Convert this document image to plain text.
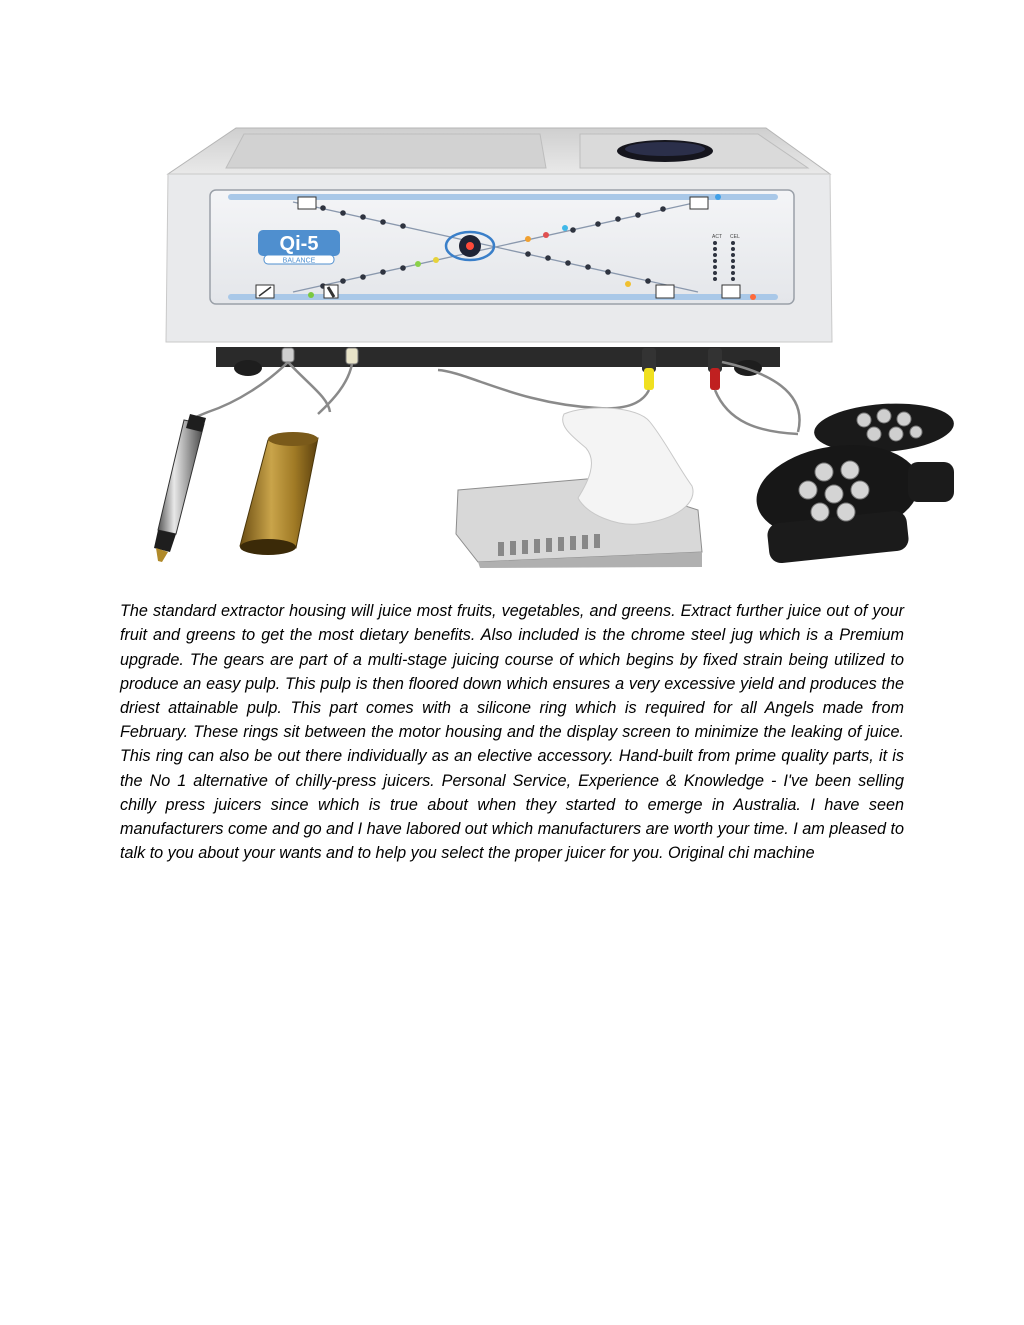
Qi-5
BALANCE
ACT CEL

The standard extractor housing will juice most fruits, vegetables, and greens. Extract further juice out of your fruit and greens to get the most dietary benefits. Also included is the chrome steel jug which is a Premium upgrade. The gears are part of a multi-stage juicing course of which begins by fixed strain being utilized to produce an easy pulp. This pulp is then floored down which ensures a very excessive yield and produces the driest attainable pulp. This part comes with a silicone ring which is required for all Angels made from February. These rings sit between the motor housing and the display screen to minimize the leaking of juice. This ring can also be out there individually as an elective accessory. Hand-built from prime quality parts, it is the No 1 alternative of chilly-press juicers. Personal Service, Experience & Knowledge - I've been selling chilly press juicers since which is true about when they started to emerge in Australia. I have seen manufacturers come and go and I have labored out which manufacturers are worth your time. I am pleased to talk to you about your wants and to help you select the proper juicer for you. Original chi machine
